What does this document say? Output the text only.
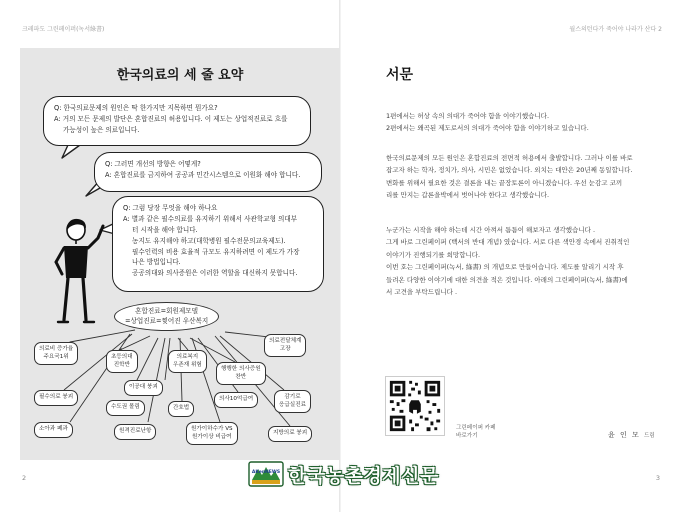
크레파도 그린페이퍼(녹서綠書)	월스의턴다가 죽어야 나라가 산다 2
한국의료의 세 줄 요약
Q: 한국의료문제의 원인은 딱 한가지만 지목하면 뭔가요?
A: 거의 모든 문제의 발단은 혼합진료의 허용입니다. 이 제도는 상업적진료로 흐를
가능성이 높은 의료입니다.
Q: 그러면 개선의 방향은 어떻게?
A: 혼합진료를 금지하여 공공과 민간시스템으로 이원화 해야 합니다.
Q: 그럼 당장 무엇을 해야 하나요
A: 별과 같은 필수의료를 유지하기 위해서 사관학교형 의대부
터 시작을 해야 합니다.
농지도 유지해야 하고(대학병원 필수전문의교육제도).
필수인력의 비용 효율적 규모도 유지하려면 이 제도가 가장
나은 방법입니다.
공공의대와 의사증원은 이러한 역할을 대신하지 못합니다.
혼합진료=회원제모델
=상업진료=찢어진 우산복지
의료비 증가율
주요국1위	초등의대
진학반
의료복지
우존재 위험
의료전달체계
고장
필수의료 붕괴
이공대 붕괴
행행한 의사증원
찬반
수도권 몰림	간호법
의사10억급여	감기로
응급실진료
소아과 폐과	원격진료난항	원가이하수가 VS
원가이상 비급여
지방의료 붕괴
2
서문
1편에서는 허상 속의 의대가 죽어야 함을 이야기했습니다.
2편에서는 왜곡된 제도로서의 의대가 죽어야 함을 이야기하고 있습니다.
한국의료문제의 모든 원인은 혼합진료의 전면적 허용에서 출발합니다. 그러나 이를 바로
잡고자 하는 학자, 정치가, 의사, 시민은 없었습니다. 외치는 대안은 20년째 동일합니다.
변화를 위해서 필요한 것은 결론을 내는 끝장토론이 아니겠습니다. 우선 눈감고 코끼
리를 만지는 갑론을박에서 벗어나야 한다고 생각했습니다.
누군가는 시작을 해야 하는데 시간 아껴서 틈틈이 해보자고 생각했습니다 .
그게 바로 그린페이퍼 (백서의 반대 개념) 였습니다. 서로 다른 색안경 속에서 진취적인
이야기가 진행되기를 희망합니다.
이번 호는 그린페이퍼(녹서, 綠書) 의 개념으로 만들어습니다. 제도를 알리기 시작 후
들려온 다양한 이야기에 대한 의견을 적은 것입니다. 아래의 그린페이퍼(녹서, 綠書)에
서 고견을 부탁드립니다 .
그린페이퍼 카페
바로가기	윤 인 모 드림
3
AKenNEWS 한국농촌경제신문
